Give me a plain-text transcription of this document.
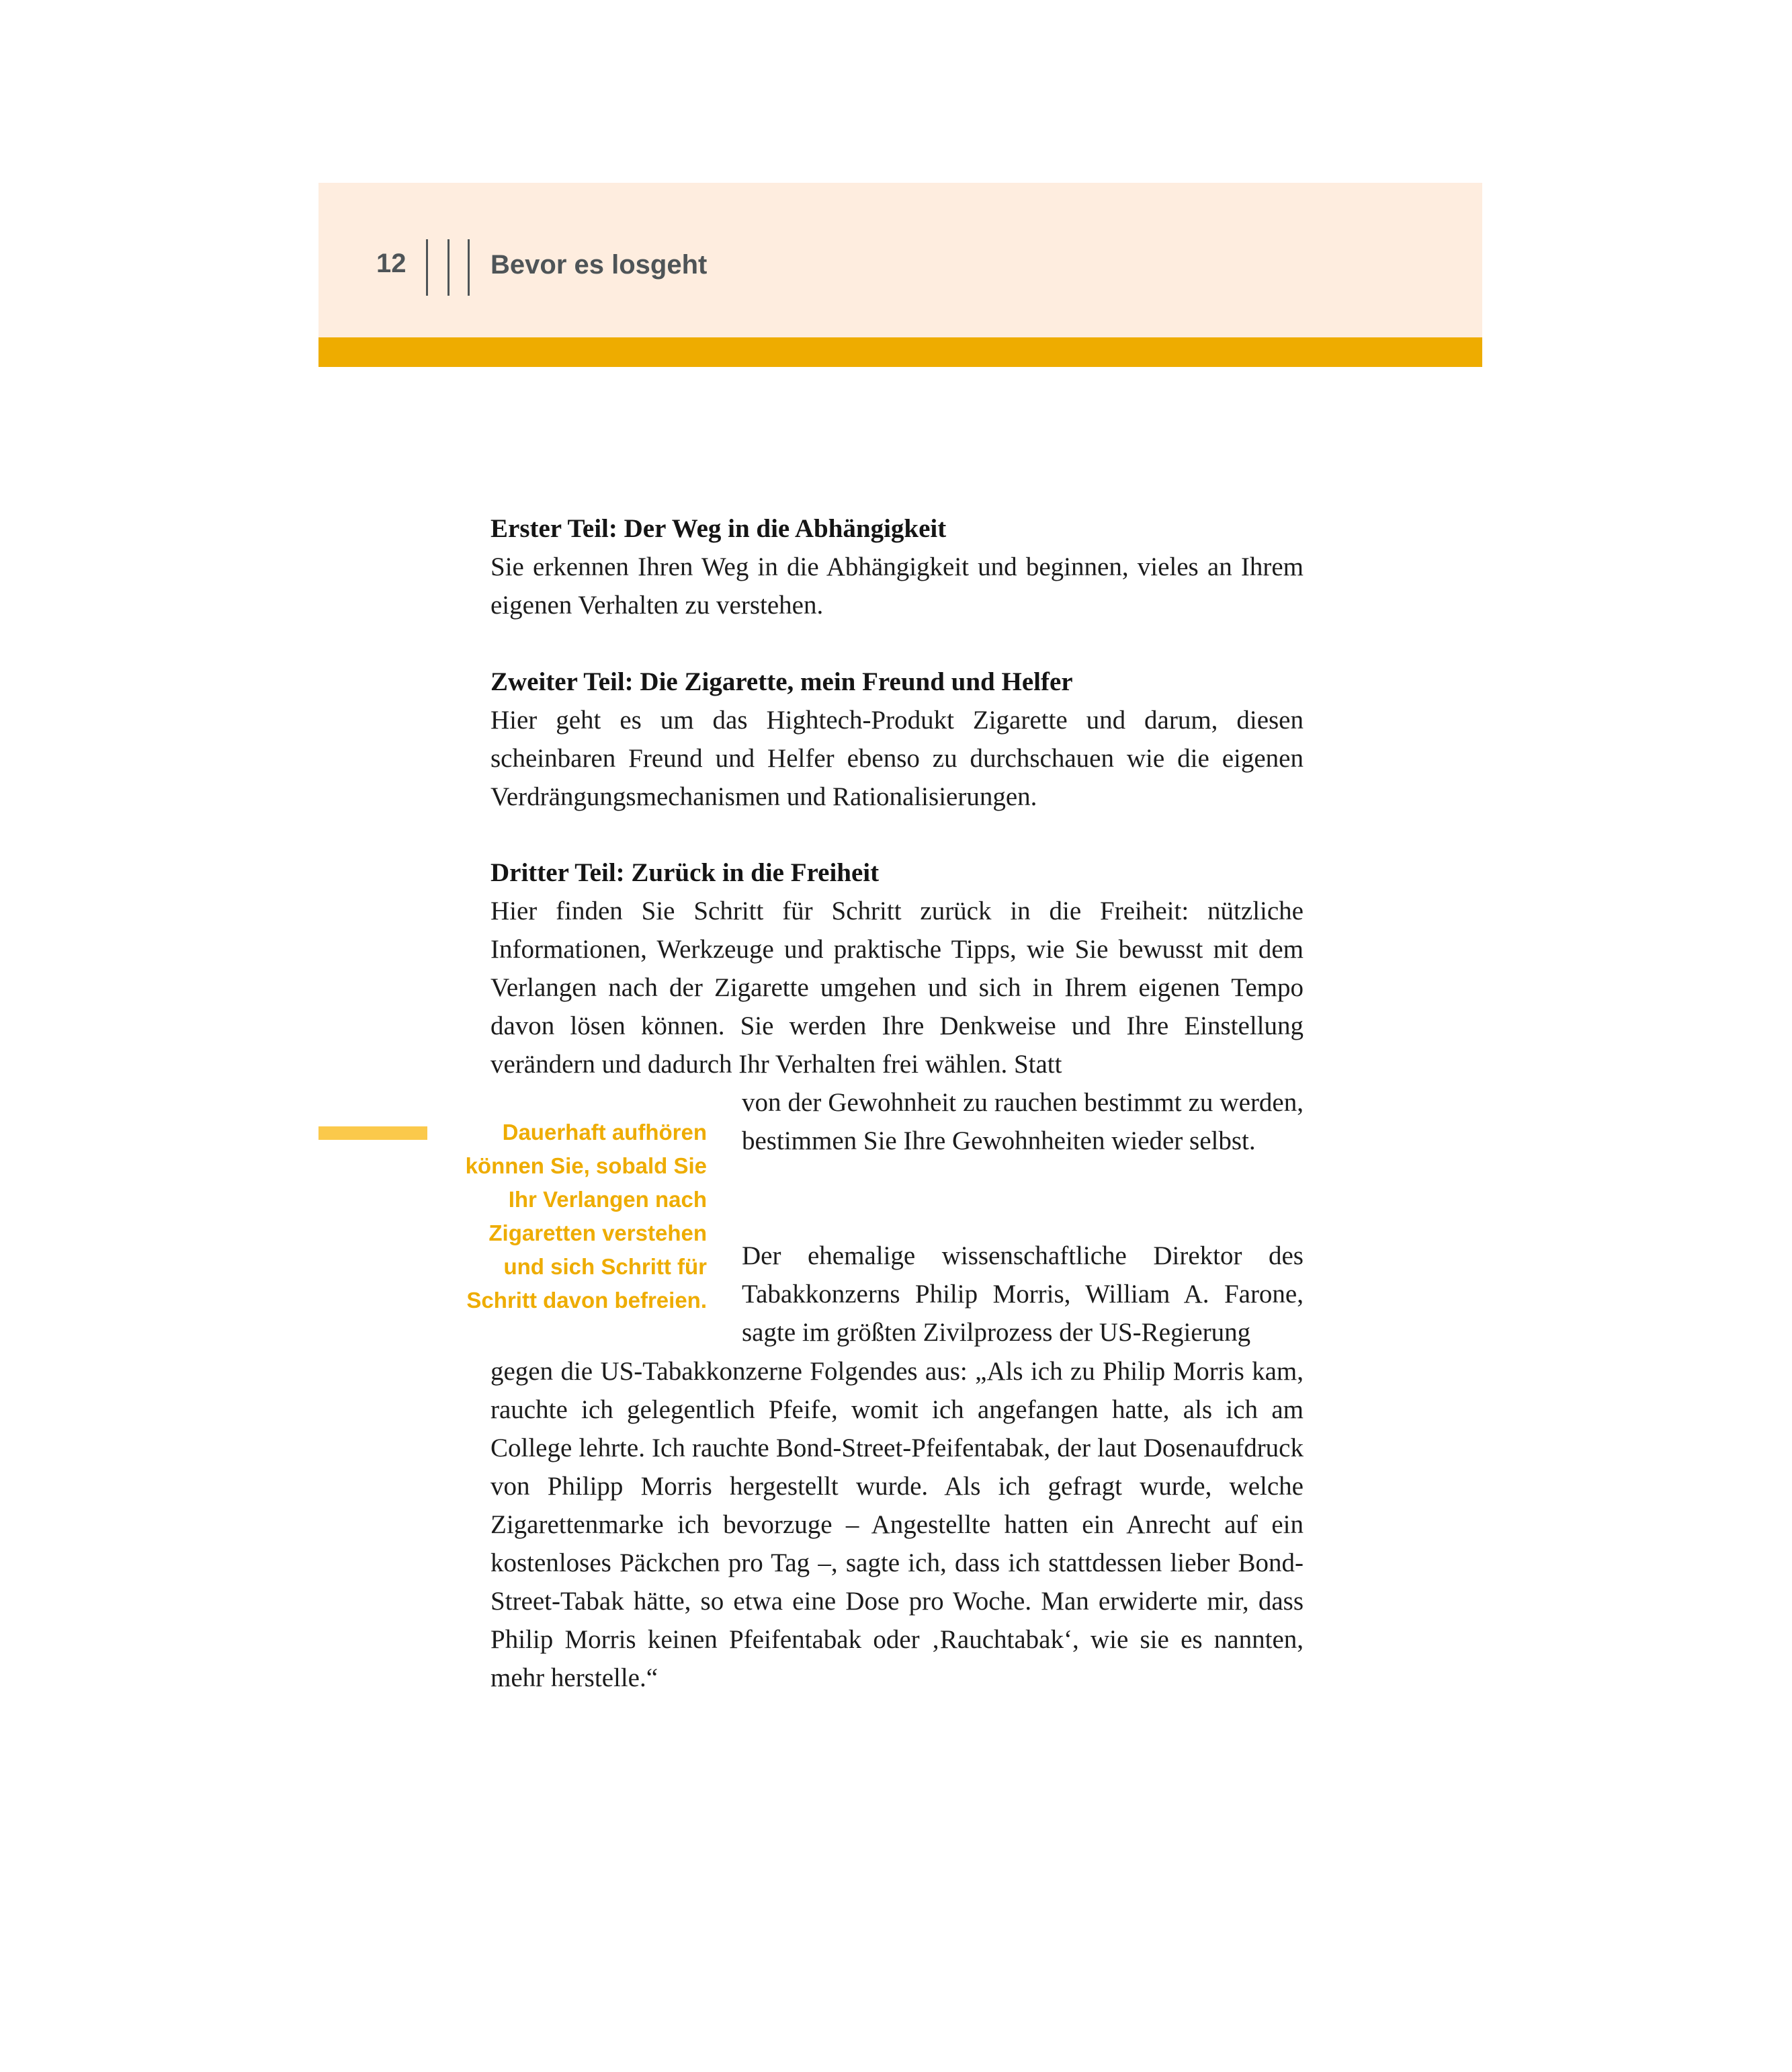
12	Bevor es losgeht
Erster Teil: Der Weg in die Abhängigkeit
Sie erkennen Ihren Weg in die Abhängigkeit und beginnen, vieles an Ihrem eigenen Verhalten zu verstehen.
Zweiter Teil: Die Zigarette, mein Freund und Helfer
Hier geht es um das Hightech-Produkt Zigarette und darum, diesen scheinbaren Freund und Helfer ebenso zu durchschauen wie die eigenen Verdrängungsmechanismen und Rationalisierungen.
Dritter Teil: Zurück in die Freiheit
Hier finden Sie Schritt für Schritt zurück in die Freiheit: nützliche Informationen, Werkzeuge und praktische Tipps, wie Sie bewusst mit dem Verlangen nach der Zigarette umgehen und sich in Ihrem eigenen Tempo davon lösen können. Sie werden Ihre Denkweise und Ihre Einstellung verändern und dadurch Ihr Verhalten frei wählen. Statt
von der Gewohnheit zu rauchen bestimmt zu werden, bestimmen Sie Ihre Gewohnheiten wieder selbst.
Dauerhaft aufhören
können Sie, sobald Sie
Ihr Verlangen nach
Zigaretten verstehen
und sich Schritt für
Schritt davon befreien.
Der ehemalige wissenschaftliche Direktor des Tabakkonzerns Philip Morris, William A. Farone, sagte im größten Zivilprozess der US-Regierung
gegen die US-Tabakkonzerne Folgendes aus: „Als ich zu Philip Morris kam, rauchte ich gelegentlich Pfeife, womit ich angefangen hatte, als ich am College lehrte. Ich rauchte Bond-Street-Pfeifentabak, der laut Dosenaufdruck von Philipp Morris hergestellt wurde. Als ich gefragt wurde, welche Zigarettenmarke ich bevorzuge – Angestellte hatten ein Anrecht auf ein kostenloses Päckchen pro Tag –, sagte ich, dass ich stattdessen lieber Bond-Street-Tabak hätte, so etwa eine Dose pro Woche. Man erwiderte mir, dass Philip Morris keinen Pfeifentabak oder ‚Rauchtabak‘, wie sie es nannten, mehr herstelle.“
